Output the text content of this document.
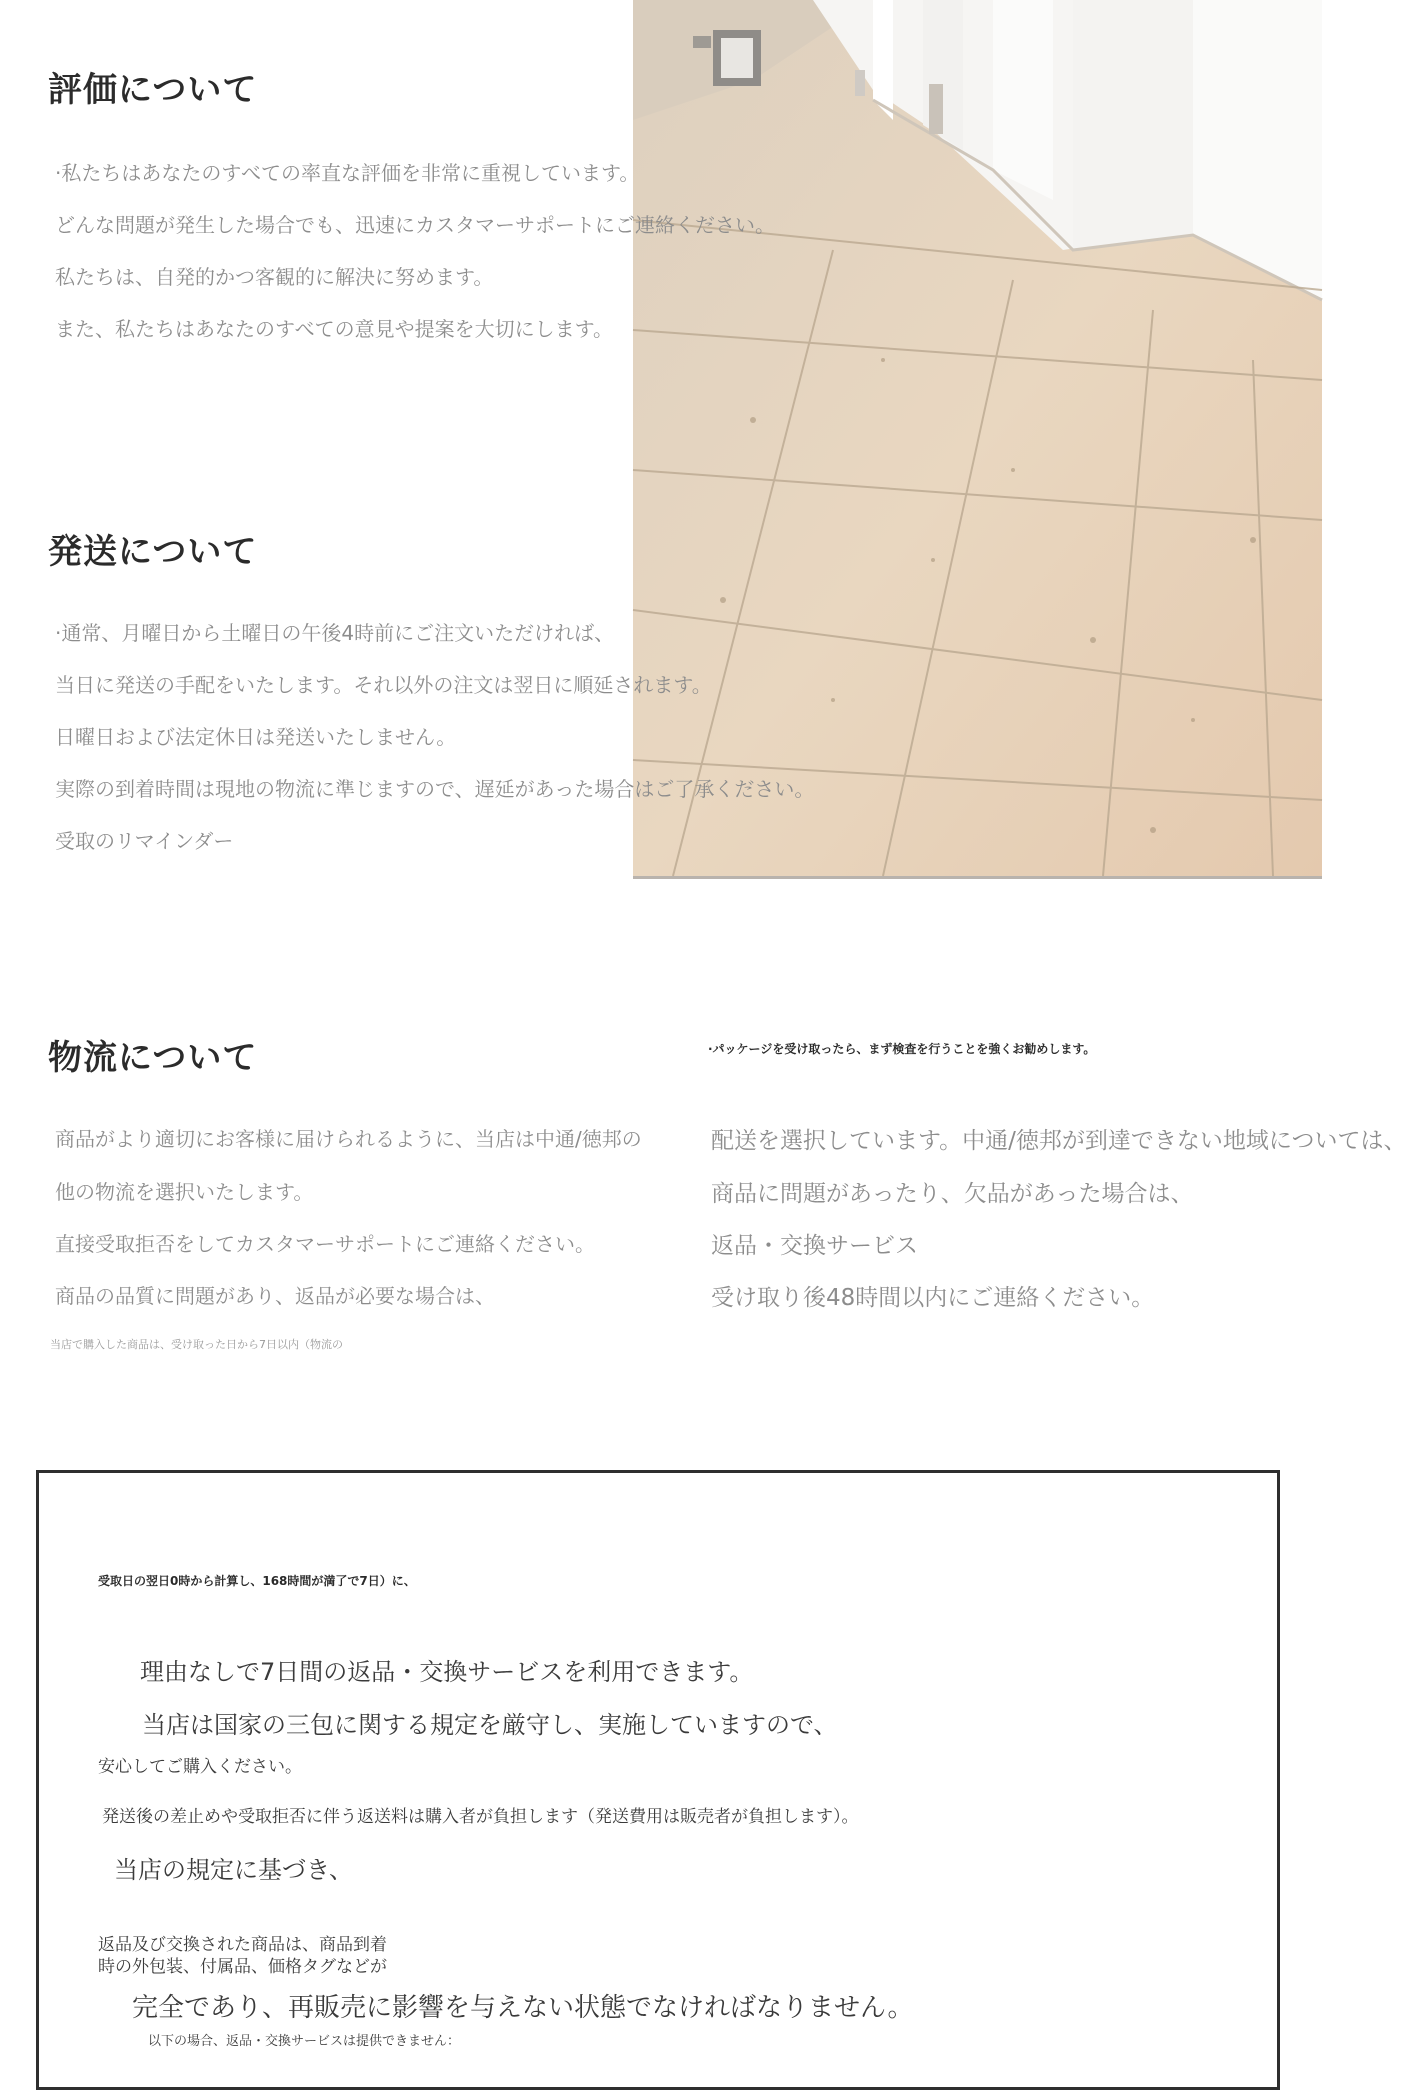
評価について
·私たちはあなたのすべての率直な評価を非常に重視しています。
どんな問題が発生した場合でも、迅速にカスタマーサポートにご連絡ください。
私たちは、自発的かつ客観的に解決に努めます。
また、私たちはあなたのすべての意見や提案を大切にします。
発送について
·通常、月曜日から土曜日の午後4時前にご注文いただければ、
当日に発送の手配をいたします。それ以外の注文は翌日に順延されます。
日曜日および法定休日は発送いたしません。
実際の到着時間は現地の物流に準じますので、遅延があった場合はご了承ください。
受取のリマインダー
物流について	·パッケージを受け取ったら、まず検査を行うことを強くお勧めします。
商品がより適切にお客様に届けられるように、当店は中通/徳邦の
他の物流を選択いたします。
直接受取拒否をしてカスタマーサポートにご連絡ください。
商品の品質に問題があり、返品が必要な場合は、
当店で購入した商品は、受け取った日から7日以内（物流の
配送を選択しています。中通/徳邦が到達できない地域については、
商品に問題があったり、欠品があった場合は、
返品・交換サービス
受け取り後48時間以内にご連絡ください。
受取日の翌日0時から計算し、168時間が満了で7日）に、
理由なしで7日間の返品・交換サービスを利用できます。
当店は国家の三包に関する規定を厳守し、実施していますので、
安心してご購入ください。
発送後の差止めや受取拒否に伴う返送料は購入者が負担します（発送費用は販売者が負担します）。
当店の規定に基づき、
返品及び交換された商品は、商品到着
時の外包装、付属品、価格タグなどが
完全であり、再販売に影響を与えない状態でなければなりません。
以下の場合、返品・交換サービスは提供できません：
